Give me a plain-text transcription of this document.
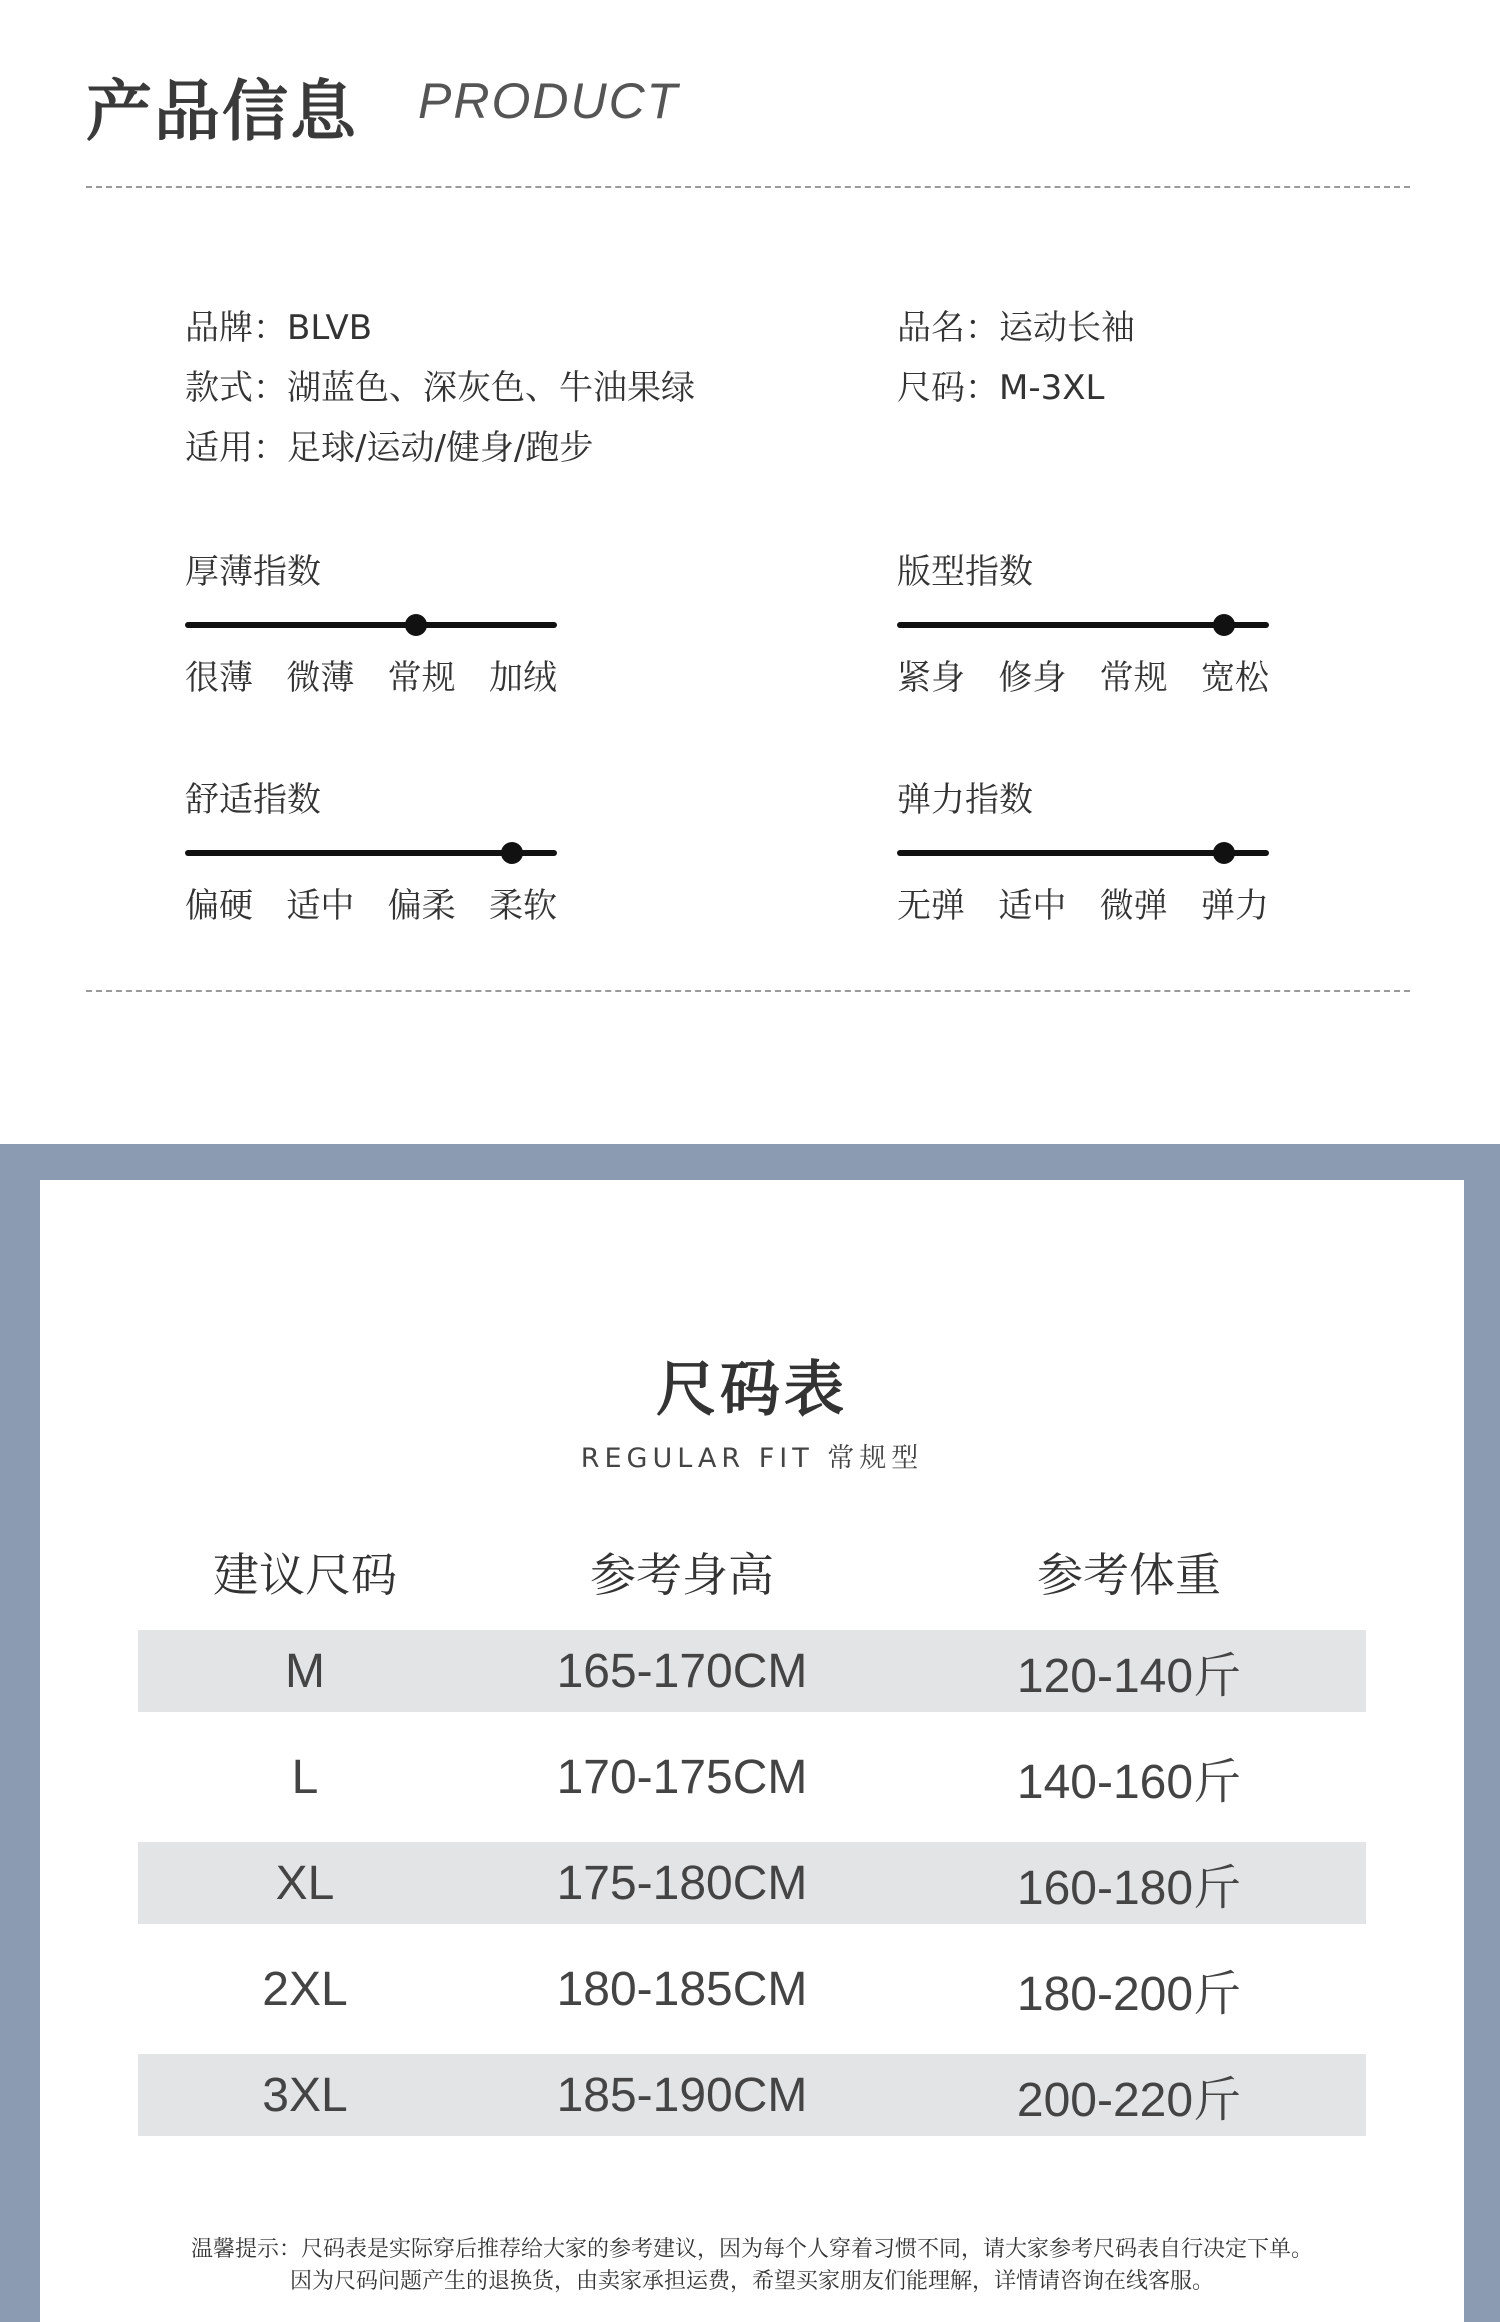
产品信息 PRODUCT
品牌 ： BLVB	品名 ： 运动长袖
款式 ： 湖蓝色、深灰色、牛油果绿	尺码 ： M-3XL
适用 ： 足球/运动/健身/跑步
厚薄指数
很薄 微薄 常规 加绒
版型指数
紧身 修身 常规 宽松
舒适指数
偏硬 适中 偏柔 柔软
弹力指数
无弹 适中 微弹 弹力
尺码表
REGULAR FIT 常规型
建议尺码	参考身高	参考体重
M	165-170CM	120-140斤
L	170-175CM	140-160斤
XL	175-180CM	160-180斤
2XL	180-185CM	180-200斤
3XL	185-190CM	200-220斤
温馨提示：尺码表是实际穿后推荐给大家的参考建议，因为每个人穿着习惯不同，请大家参考尺码表自行决定下单。
因为尺码问题产生的退换货，由卖家承担运费，希望买家朋友们能理解，详情请咨询在线客服。
